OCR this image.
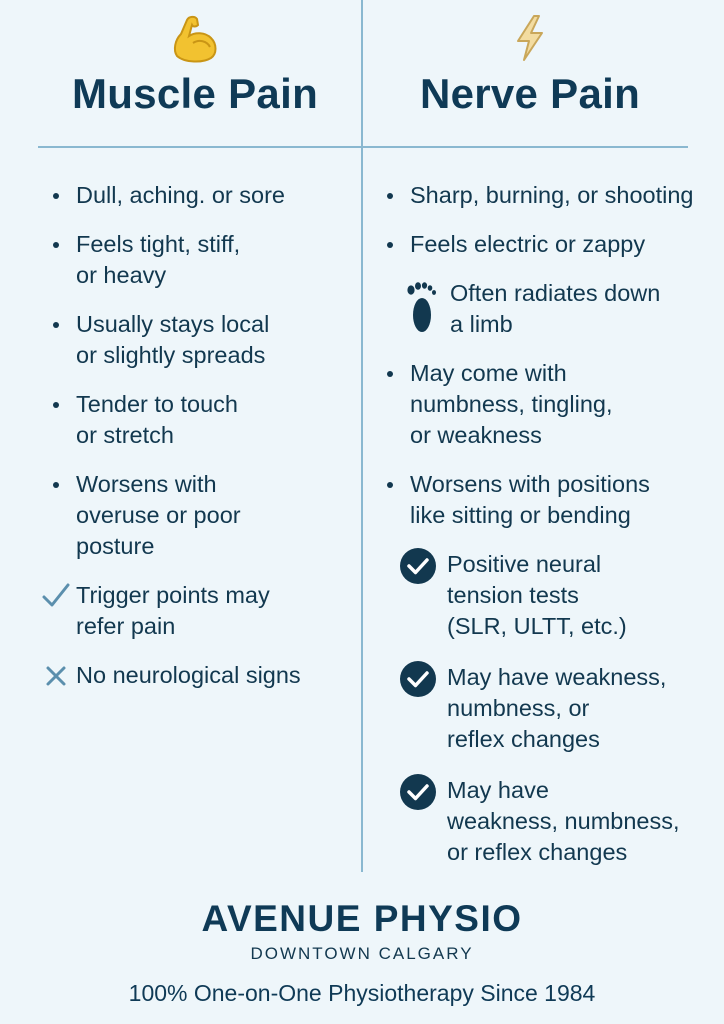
Muscle Pain	Nerve Pain
Dull, aching. or sore
Feels tight, stiff,
or heavy
Usually stays local
or slightly spreads
Tender to touch
or stretch
Worsens with
overuse or poor
posture
Trigger points may
refer pain
No neurological signs
Sharp, burning, or shooting
Feels electric or zappy
Often radiates down
a limb
May come with
numbness, tingling,
or weakness
Worsens with positions
like sitting or bending
Positive neural
tension tests
(SLR, ULTT, etc.)
May have weakness,
numbness, or
reflex changes
May have
weakness, numbness,
or reflex changes
AVENUE PHYSIO
DOWNTOWN CALGARY
100% One-on-One Physiotherapy Since 1984
